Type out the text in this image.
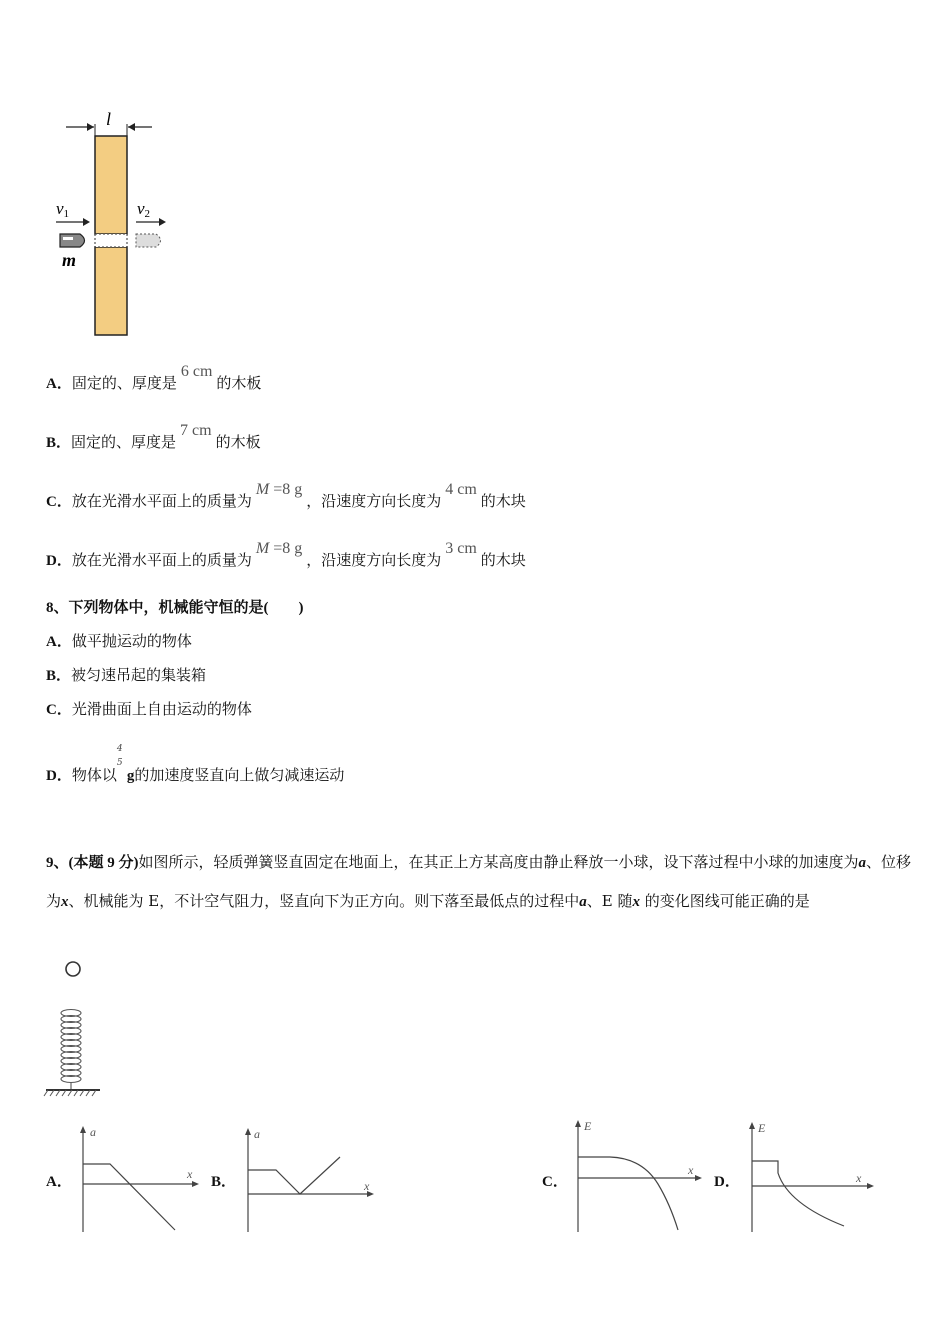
l
v1	v2
m
A．固定的、厚度是6 cm的木板
B．固定的、厚度是7 cm的木板
C．放在光滑水平面上的质量为M =8 g，沿速度方向长度为4 cm的木块
D．放在光滑水平面上的质量为M =8 g，沿速度方向长度为3 cm的木块
8、下列物体中，机械能守恒的是(　　)
A．做平抛运动的物体
B．被匀速吊起的集装箱
C．光滑曲面上自由运动的物体
D．物体以
4
5
g的加速度竖直向上做匀减速运动
9、(本题 9 分)如图所示，轻质弹簧竖直固定在地面上，在其正上方某高度由静止释放一小球，设下落过程中小球的加速度为a、位移为x、机械能为 E，不计空气阻力，竖直向下为正方向。则下落至最低点的过程中a、E 随x 的变化图线可能正确的是
A．	B．	C．	D．
a
x
a
x
E
x
E
x
